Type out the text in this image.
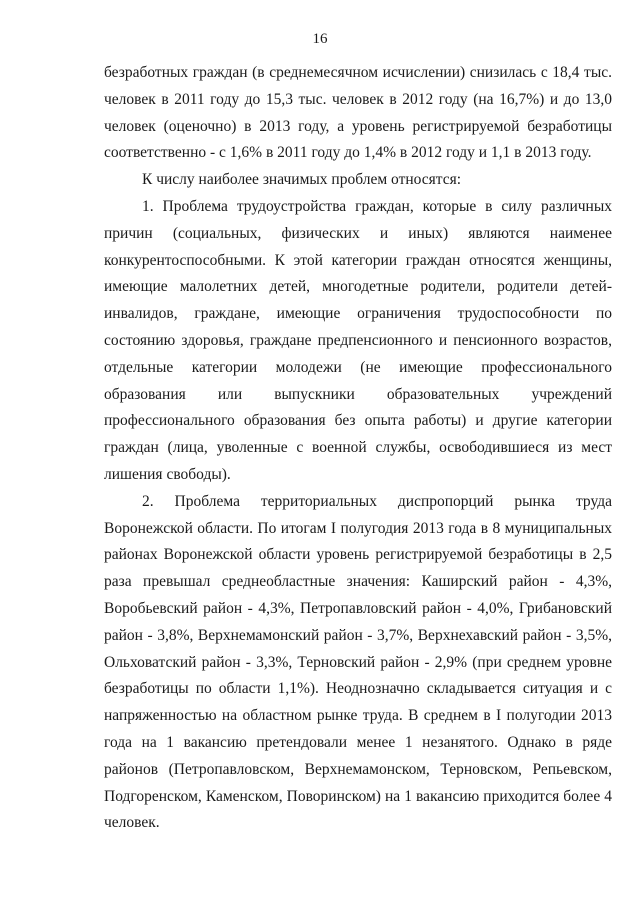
16

безработных граждан (в среднемесячном исчислении) снизилась с 18,4 тыс. человек в 2011 году до 15,3 тыс. человек в 2012 году (на 16,7%) и до 13,0 человек (оценочно) в 2013 году, а уровень регистрируемой безработицы соответственно - с 1,6% в 2011 году до 1,4% в 2012 году и 1,1 в 2013 году.

К числу наиболее значимых проблем относятся:

1. Проблема трудоустройства граждан, которые в силу различных причин (социальных, физических и иных) являются наименее конкурентоспособными. К этой категории граждан относятся женщины, имеющие малолетних детей, многодетные родители, родители детей-инвалидов, граждане, имеющие ограничения трудоспособности по состоянию здоровья, граждане предпенсионного и пенсионного возрастов, отдельные категории молодежи (не имеющие профессионального образования или выпускники образовательных учреждений профессионального образования без опыта работы) и другие категории граждан (лица, уволенные с военной службы, освободившиеся из мест лишения свободы).

2. Проблема территориальных диспропорций рынка труда Воронежской области. По итогам I полугодия 2013 года в 8 муниципальных районах Воронежской области уровень регистрируемой безработицы в 2,5 раза превышал среднеобластные значения: Каширский район - 4,3%, Воробьевский район - 4,3%, Петропавловский район - 4,0%, Грибановский район - 3,8%, Верхнемамонский район - 3,7%, Верхнехавский район - 3,5%, Ольховатский район - 3,3%, Терновский район - 2,9% (при среднем уровне безработицы по области 1,1%). Неоднозначно складывается ситуация и с напряженностью на областном рынке труда. В среднем в I полугодии 2013 года на 1 вакансию претендовали менее 1 незанятого. Однако в ряде районов (Петропавловском, Верхнемамонском, Терновском, Репьевском, Подгоренском, Каменском, Поворинском) на 1 вакансию приходится более 4 человек.
